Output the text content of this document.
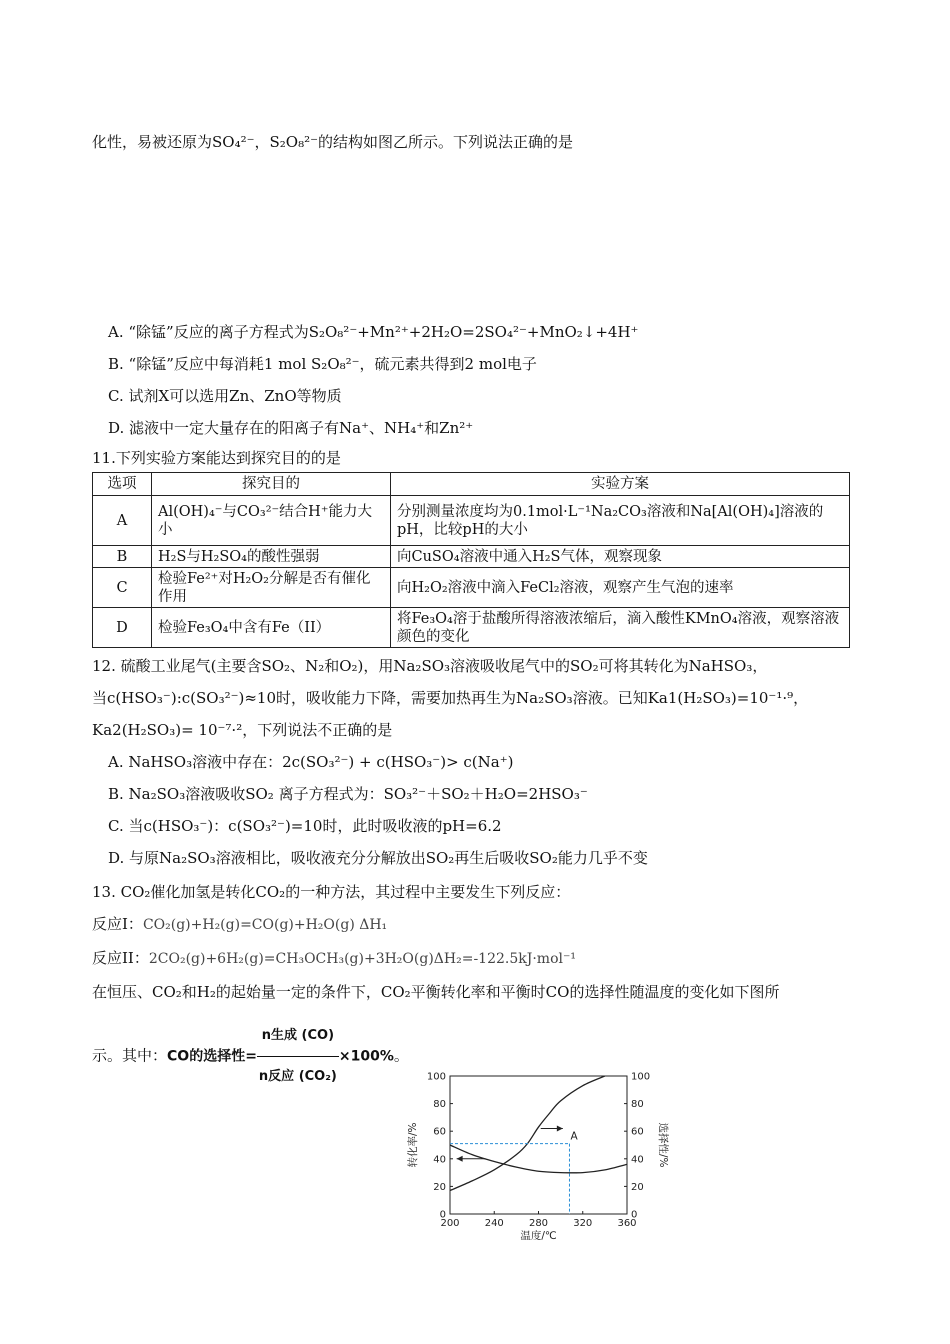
化性，易被还原为SO₄²⁻，S₂O₈²⁻的结构如图乙所示。下列说法正确的是
A. “除锰”反应的离子方程式为S₂O₈²⁻+Mn²⁺+2H₂O=2SO₄²⁻+MnO₂↓+4H⁺
B. “除锰”反应中每消耗1 mol S₂O₈²⁻，硫元素共得到2 mol电子
C. 试剂X可以选用Zn、ZnO等物质
D. 滤液中一定大量存在的阳离子有Na⁺、NH₄⁺和Zn²⁺
11.下列实验方案能达到探究目的的是
选项	探究目的	实验方案
A	Al(OH)₄⁻与CO₃²⁻结合H⁺能力大小	分别测量浓度均为0.1mol·L⁻¹Na₂CO₃溶液和Na[Al(OH)₄]溶液的pH，比较pH的大小
B	H₂S与H₂SO₄的酸性强弱	向CuSO₄溶液中通入H₂S气体，观察现象
C	检验Fe²⁺对H₂O₂分解是否有催化作用	向H₂O₂溶液中滴入FeCl₂溶液，观察产生气泡的速率
D	检验Fe₃O₄中含有Fe（II）	将Fe₃O₄溶于盐酸所得溶液浓缩后，滴入酸性KMnO₄溶液，观察溶液颜色的变化
12. 硫酸工业尾气(主要含SO₂、N₂和O₂)，用Na₂SO₃溶液吸收尾气中的SO₂可将其转化为NaHSO₃，
当c(HSO₃⁻):c(SO₃²⁻)≈10时，吸收能力下降，需要加热再生为Na₂SO₃溶液。已知Ka1(H₂SO₃)=10⁻¹·⁹，
Ka2(H₂SO₃)= 10⁻⁷·²，下列说法不正确的是
A. NaHSO₃溶液中存在：2c(SO₃²⁻) + c(HSO₃⁻)> c(Na⁺)
B. Na₂SO₃溶液吸收SO₂ 离子方程式为：SO₃²⁻＋SO₂＋H₂O=2HSO₃⁻
C. 当c(HSO₃⁻)：c(SO₃²⁻)=10时，此时吸收液的pH=6.2
D. 与原Na₂SO₃溶液相比，吸收液充分分解放出SO₂再生后吸收SO₂能力几乎不变
13. CO₂催化加氢是转化CO₂的一种方法，其过程中主要发生下列反应：
反应I：CO₂(g)+H₂(g)=CO(g)+H₂O(g) ΔH₁
反应II：2CO₂(g)+6H₂(g)=CH₃OCH₃(g)+3H₂O(g)ΔH₂=-122.5kJ·mol⁻¹
在恒压、CO₂和H₂的起始量一定的条件下，CO₂平衡转化率和平衡时CO的选择性随温度的变化如下图所
示。其中：CO的选择性= $\frac{\text{n生成 (CO)}}{\text{n反应 (CO₂)}} \times 100\%$。
200	240	280	320	360
0	0
20	20
40	40
60	60
80	80
100	100
温度/℃
转化率/%	选择性/%
A
